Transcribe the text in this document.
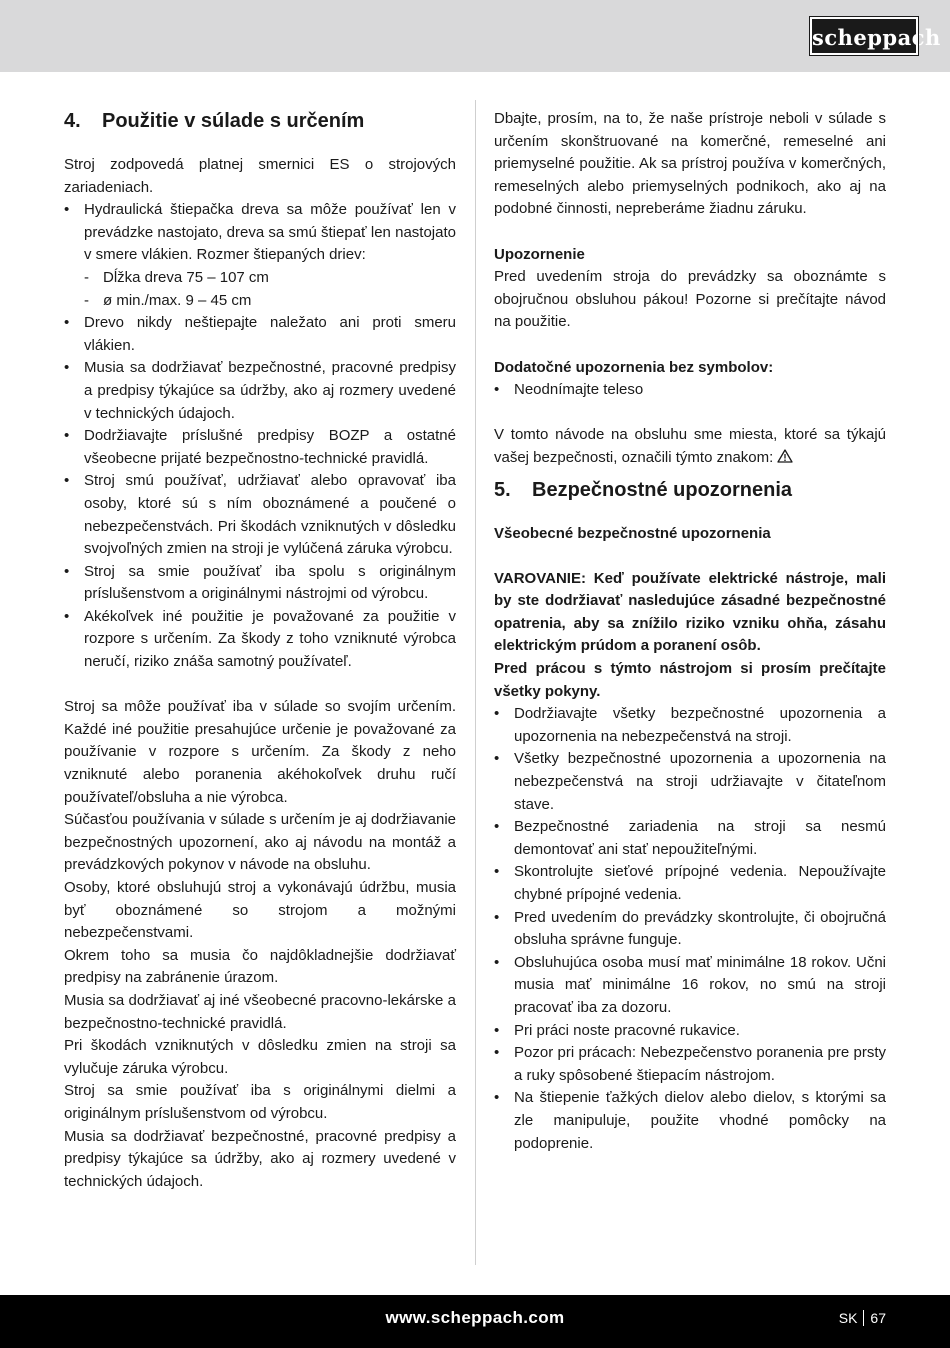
scheppach
4. Použitie v súlade s určením

Stroj zodpovedá platnej smernici ES o strojových zariadeniach.

• Hydraulická štiepačka dreva sa môže používať len v prevádzke nastojato, dreva sa smú štiepať len nastojato v smere vlákien. Rozmer štiepaných driev:
- Dĺžka dreva 75 – 107 cm
- ø min./max. 9 – 45 cm
• Drevo nikdy neštiepajte naležato ani proti smeru vlákien.
• Musia sa dodržiavať bezpečnostné, pracovné predpisy a predpisy týkajúce sa údržby, ako aj rozmery uvedené v technických údajoch.
• Dodržiavajte príslušné predpisy BOZP a ostatné všeobecne prijaté bezpečnostno-technické pravidlá.
• Stroj smú používať, udržiavať alebo opravovať iba osoby, ktoré sú s ním oboznámené a poučené o nebezpečenstvách. Pri škodách vzniknutých v dôsledku svojvoľných zmien na stroji je vylúčená záruka výrobcu.
• Stroj sa smie používať iba spolu s originálnym príslušenstvom a originálnymi nástrojmi od výrobcu.
• Akékoľvek iné použitie je považované za použitie v rozpore s určením. Za škody z toho vzniknuté výrobca neručí, riziko znáša samotný používateľ.

Stroj sa môže používať iba v súlade so svojím určením. Každé iné použitie presahujúce určenie je považované za používanie v rozpore s určením. Za škody z neho vzniknuté alebo poranenia akéhokoľvek druhu ručí používateľ/obsluha a nie výrobca.

Súčasťou používania v súlade s určením je aj dodržiavanie bezpečnostných upozornení, ako aj návodu na montáž a prevádzkových pokynov v návode na obsluhu.

Osoby, ktoré obsluhujú stroj a vykonávajú údržbu, musia byť oboznámené so strojom a možnými nebezpečenstvami.

Okrem toho sa musia čo najdôkladnejšie dodržiavať predpisy na zabránenie úrazom.

Musia sa dodržiavať aj iné všeobecné pracovno-lekárske a bezpečnostno-technické pravidlá.

Pri škodách vzniknutých v dôsledku zmien na stroji sa vylučuje záruka výrobcu.

Stroj sa smie používať iba s originálnymi dielmi a originálnym príslušenstvom od výrobcu.

Musia sa dodržiavať bezpečnostné, pracovné predpisy a predpisy týkajúce sa údržby, ako aj rozmery uvedené v technických údajoch.

Dbajte, prosím, na to, že naše prístroje neboli v súlade s určením skonštruované na komerčné, remeselné ani priemyselné použitie. Ak sa prístroj používa v komerčných, remeselných alebo priemyselných podnikoch, ako aj na podobné činnosti, nepreberáme žiadnu záruku.

Upozornenie

Pred uvedením stroja do prevádzky sa oboznámte s obojručnou obsluhou pákou! Pozorne si prečítajte návod na použitie.

Dodatočné upozornenia bez symbolov:

• Neodnímajte teleso

V tomto návode na obsluhu sme miesta, ktoré sa týkajú vašej bezpečnosti, označili týmto znakom:

5. Bezpečnostné upozornenia

Všeobecné bezpečnostné upozornenia

VAROVANIE: Keď používate elektrické nástroje, mali by ste dodržiavať nasledujúce zásadné bezpečnostné opatrenia, aby sa znížilo riziko vzniku ohňa, zásahu elektrickým prúdom a poranení osôb.

Pred prácou s týmto nástrojom si prosím prečítajte všetky pokyny.

• Dodržiavajte všetky bezpečnostné upozornenia a upozornenia na nebezpečenstvá na stroji.
• Všetky bezpečnostné upozornenia a upozornenia na nebezpečenstvá na stroji udržiavajte v čitateľnom stave.
• Bezpečnostné zariadenia na stroji sa nesmú demontovať ani stať nepoužiteľnými.
• Skontrolujte sieťové prípojné vedenia. Nepoužívajte chybné prípojné vedenia.
• Pred uvedením do prevádzky skontrolujte, či obojručná obsluha správne funguje.
• Obsluhujúca osoba musí mať minimálne 18 rokov. Učni musia mať minimálne 16 rokov, no smú na stroji pracovať iba za dozoru.
• Pri práci noste pracovné rukavice.
• Pozor pri prácach: Nebezpečenstvo poranenia pre prsty a ruky spôsobené štiepacím nástrojom.
• Na štiepenie ťažkých dielov alebo dielov, s ktorými sa zle manipuluje, použite vhodné pomôcky na podoprenie.
www.scheppach.com	SK 67
